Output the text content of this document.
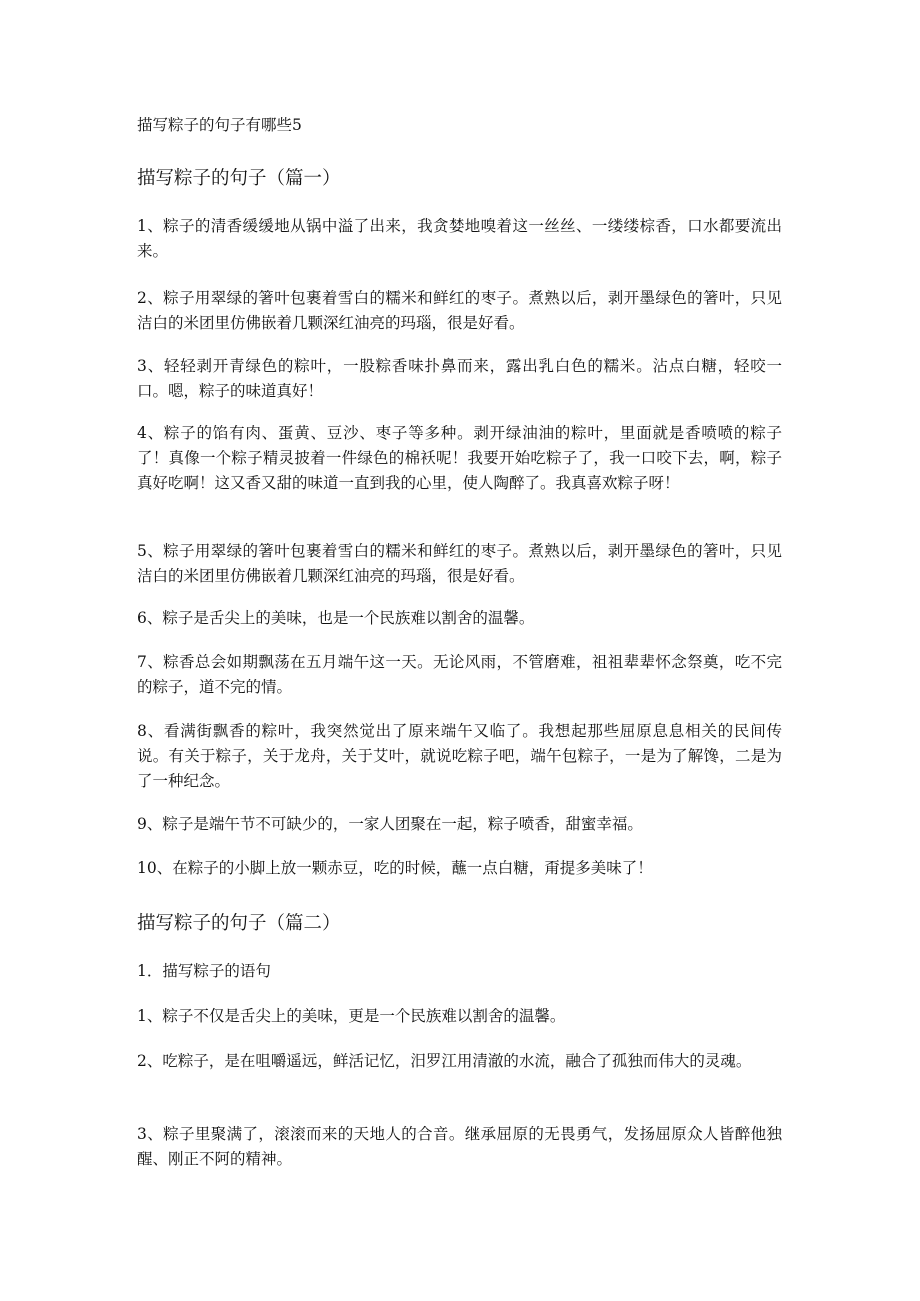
描写粽子的句子有哪些5
描写粽子的句子（篇一）
1、粽子的清香缓缓地从锅中溢了出来，我贪婪地嗅着这一丝丝、一缕缕棕香，口水都要流出来。
2、粽子用翠绿的箸叶包裹着雪白的糯米和鲜红的枣子。煮熟以后，剥开墨绿色的箸叶，只见洁白的米团里仿佛嵌着几颗深红油亮的玛瑙，很是好看。
3、轻轻剥开青绿色的粽叶，一股粽香味扑鼻而来，露出乳白色的糯米。沾点白糖，轻咬一口。嗯，粽子的味道真好！
4、粽子的馅有肉、蛋黄、豆沙、枣子等多种。剥开绿油油的粽叶，里面就是香喷喷的粽子了！真像一个粽子精灵披着一件绿色的棉袄呢！我要开始吃粽子了，我一口咬下去，啊，粽子真好吃啊！这又香又甜的味道一直到我的心里，使人陶醉了。我真喜欢粽子呀！
5、粽子用翠绿的箸叶包裹着雪白的糯米和鲜红的枣子。煮熟以后，剥开墨绿色的箸叶，只见洁白的米团里仿佛嵌着几颗深红油亮的玛瑙，很是好看。
6、粽子是舌尖上的美味，也是一个民族难以割舍的温馨。
7、粽香总会如期飘荡在五月端午这一天。无论风雨，不管磨难，祖祖辈辈怀念祭奠，吃不完的粽子，道不完的情。
8、看满街飘香的粽叶，我突然觉出了原来端午又临了。我想起那些屈原息息相关的民间传说。有关于粽子，关于龙舟，关于艾叶，就说吃粽子吧，端午包粽子，一是为了解馋，二是为了一种纪念。
9、粽子是端午节不可缺少的，一家人团聚在一起，粽子喷香，甜蜜幸福。
10、在粽子的小脚上放一颗赤豆，吃的时候，蘸一点白糖，甭提多美味了！
描写粽子的句子（篇二）
1．描写粽子的语句
1、粽子不仅是舌尖上的美味，更是一个民族难以割舍的温馨。
2、吃粽子，是在咀嚼遥远，鲜活记忆，汨罗江用清澈的水流，融合了孤独而伟大的灵魂。
3、粽子里聚满了，滚滚而来的天地人的合音。继承屈原的无畏勇气，发扬屈原众人皆醉他独醒、刚正不阿的精神。
